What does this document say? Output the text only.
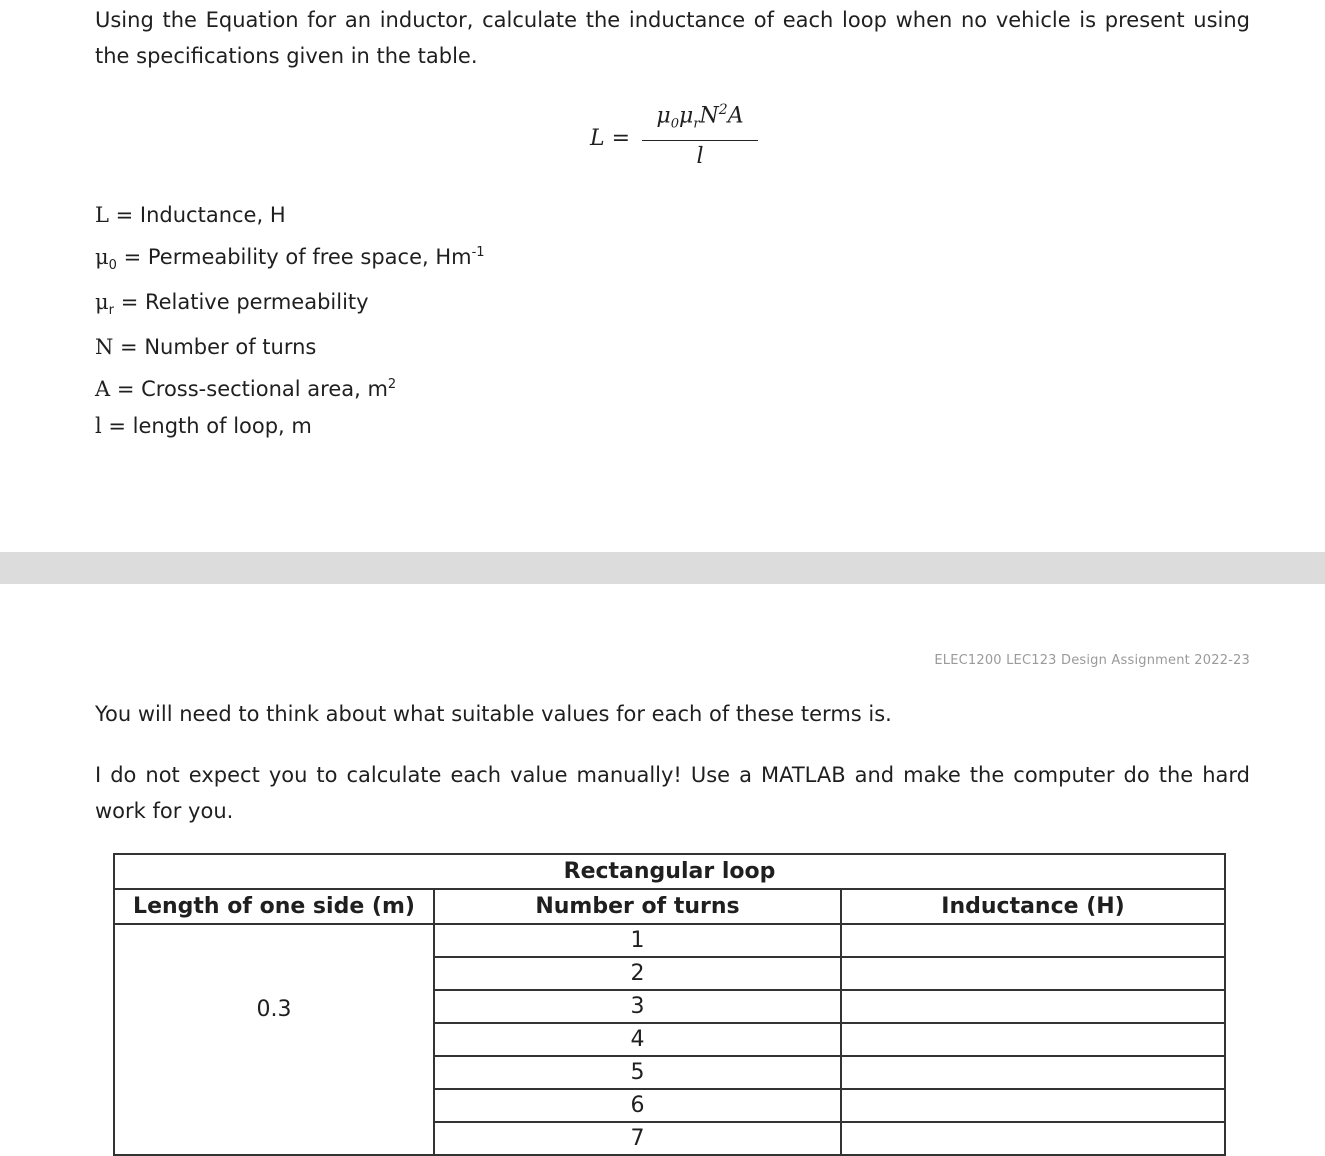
Using the Equation for an inductor, calculate the inductance of each loop when no vehicle is present using the specifications given in the table.
L =
$\mu_0\mu_rN^2A$
l
L = Inductance, H
$\mu_0$ = Permeability of free space, $Hm^{-1}$
$\mu_r$ = Relative permeability
N = Number of turns
A = Cross-sectional area, $m^2$
l = length of loop, m
ELEC1200 LEC123 Design Assignment 2022-23
You will need to think about what suitable values for each of these terms is.
I do not expect you to calculate each value manually! Use a MATLAB and make the computer do the hard work for you.
Rectangular loop		
Length of one side (m)	Number of turns	Inductance (H)
0.3	1	
	2	
	3	
	4	
	5	
	6	
	7	
